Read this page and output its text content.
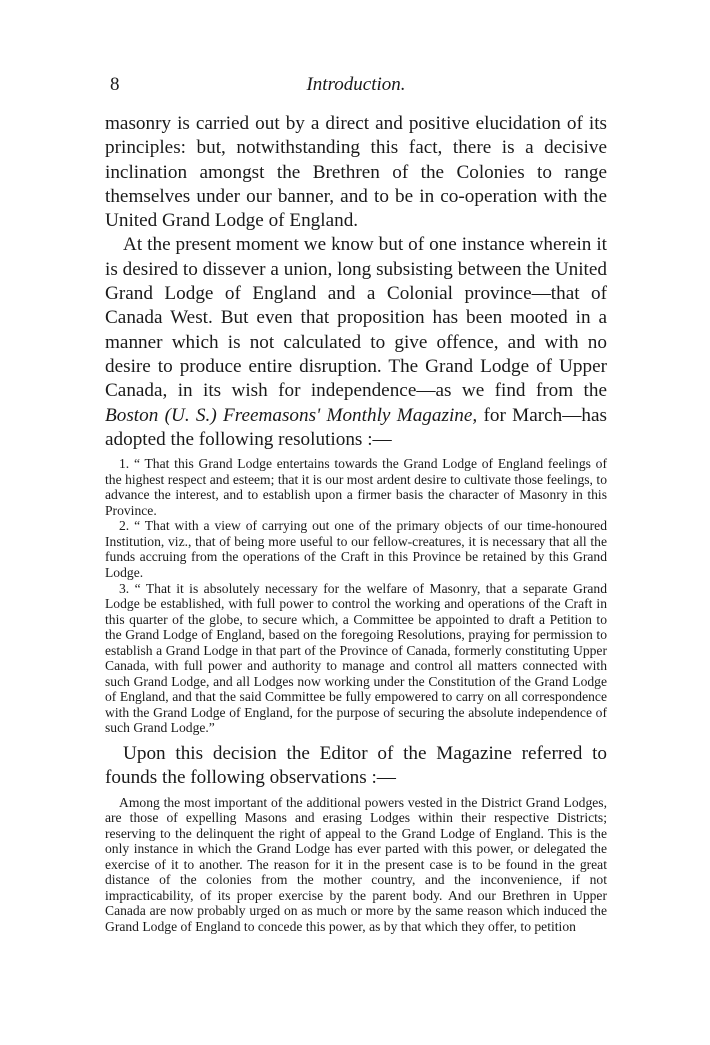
8	Introduction.

masonry is carried out by a direct and positive elucidation of its principles: but, notwithstanding this fact, there is a decisive inclination amongst the Brethren of the Colonies to range themselves under our banner, and to be in co-operation with the United Grand Lodge of England.

At the present moment we know but of one instance wherein it is desired to dissever a union, long subsisting between the United Grand Lodge of England and a Colonial province—that of Canada West. But even that proposition has been mooted in a manner which is not calculated to give offence, and with no desire to produce entire disruption. The Grand Lodge of Upper Canada, in its wish for independence—as we find from the Boston (U. S.) Freemasons' Monthly Magazine, for March—has adopted the following resolutions :—

1. “ That this Grand Lodge entertains towards the Grand Lodge of England feelings of the highest respect and esteem; that it is our most ardent desire to cultivate those feelings, to advance the interest, and to establish upon a firmer basis the character of Masonry in this Province.

2. “ That with a view of carrying out one of the primary objects of our time-honoured Institution, viz., that of being more useful to our fellow-creatures, it is necessary that all the funds accruing from the operations of the Craft in this Province be retained by this Grand Lodge.

3. “ That it is absolutely necessary for the welfare of Masonry, that a separate Grand Lodge be established, with full power to control the working and operations of the Craft in this quarter of the globe, to secure which, a Committee be appointed to draft a Petition to the Grand Lodge of England, based on the foregoing Resolutions, praying for permission to establish a Grand Lodge in that part of the Province of Canada, formerly constituting Upper Canada, with full power and authority to manage and control all matters connected with such Grand Lodge, and all Lodges now working under the Constitution of the Grand Lodge of England, and that the said Committee be fully empowered to carry on all correspondence with the Grand Lodge of England, for the purpose of securing the absolute independence of such Grand Lodge.”

Upon this decision the Editor of the Magazine referred to founds the following observations :—

Among the most important of the additional powers vested in the District Grand Lodges, are those of expelling Masons and erasing Lodges within their respective Districts; reserving to the delinquent the right of appeal to the Grand Lodge of England. This is the only instance in which the Grand Lodge has ever parted with this power, or delegated the exercise of it to another. The reason for it in the present case is to be found in the great distance of the colonies from the mother country, and the inconvenience, if not impracticability, of its proper exercise by the parent body. And our Brethren in Upper Canada are now probably urged on as much or more by the same reason which induced the Grand Lodge of England to concede this power, as by that which they offer, to petition
